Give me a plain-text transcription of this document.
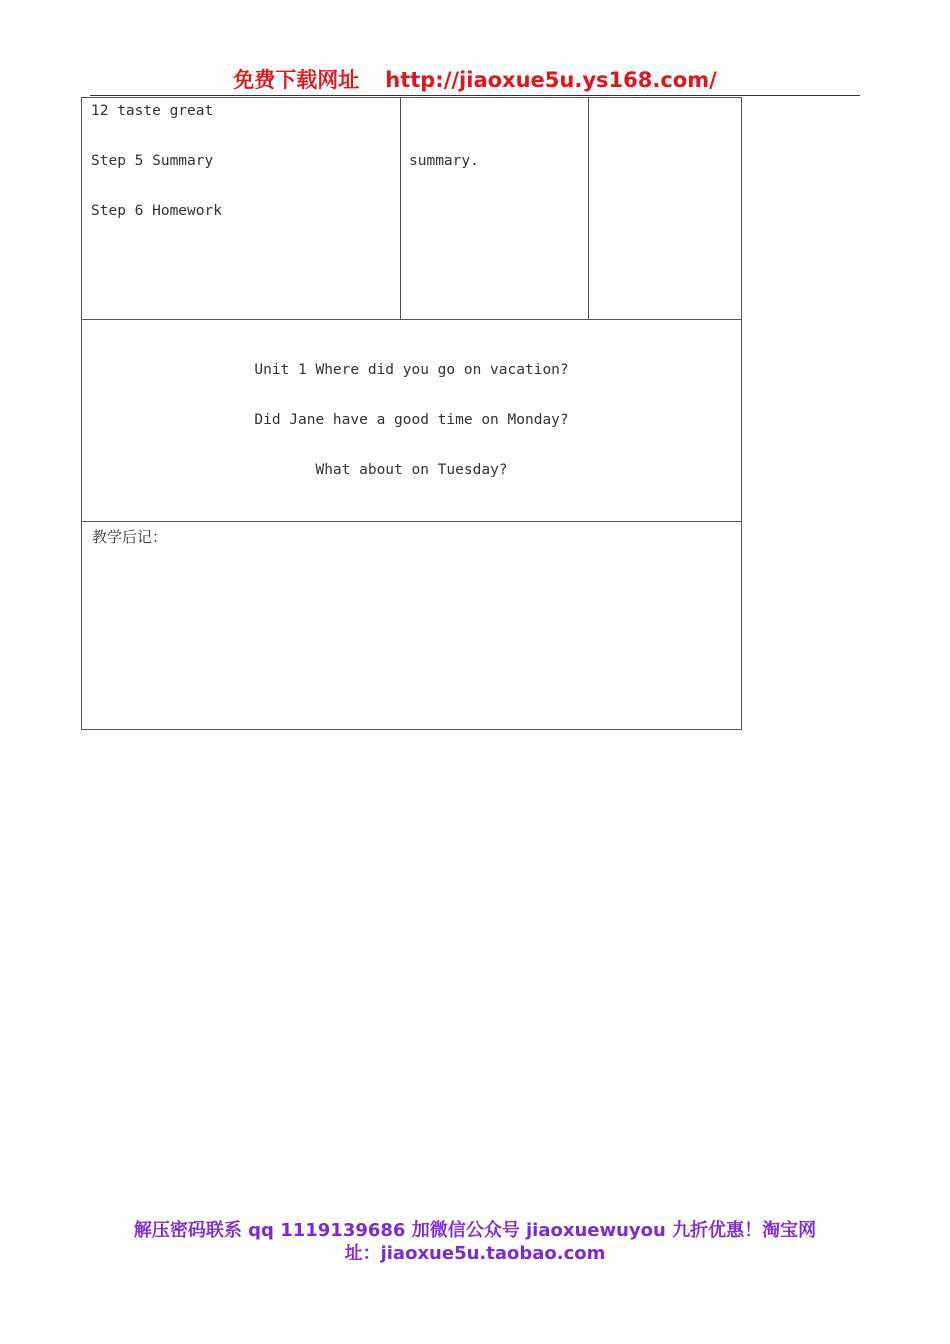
免费下载网址 http://jiaoxue5u.ys168.com/
12 taste great
Step 5 Summary
Step 6 Homework
summary.
Unit 1 Where did you go on vacation?
Did Jane have a good time on Monday?
What about on Tuesday?
教学后记：
解压密码联系 qq 1119139686 加微信公众号 jiaoxuewuyou 九折优惠！淘宝网
址：jiaoxue5u.taobao.com
